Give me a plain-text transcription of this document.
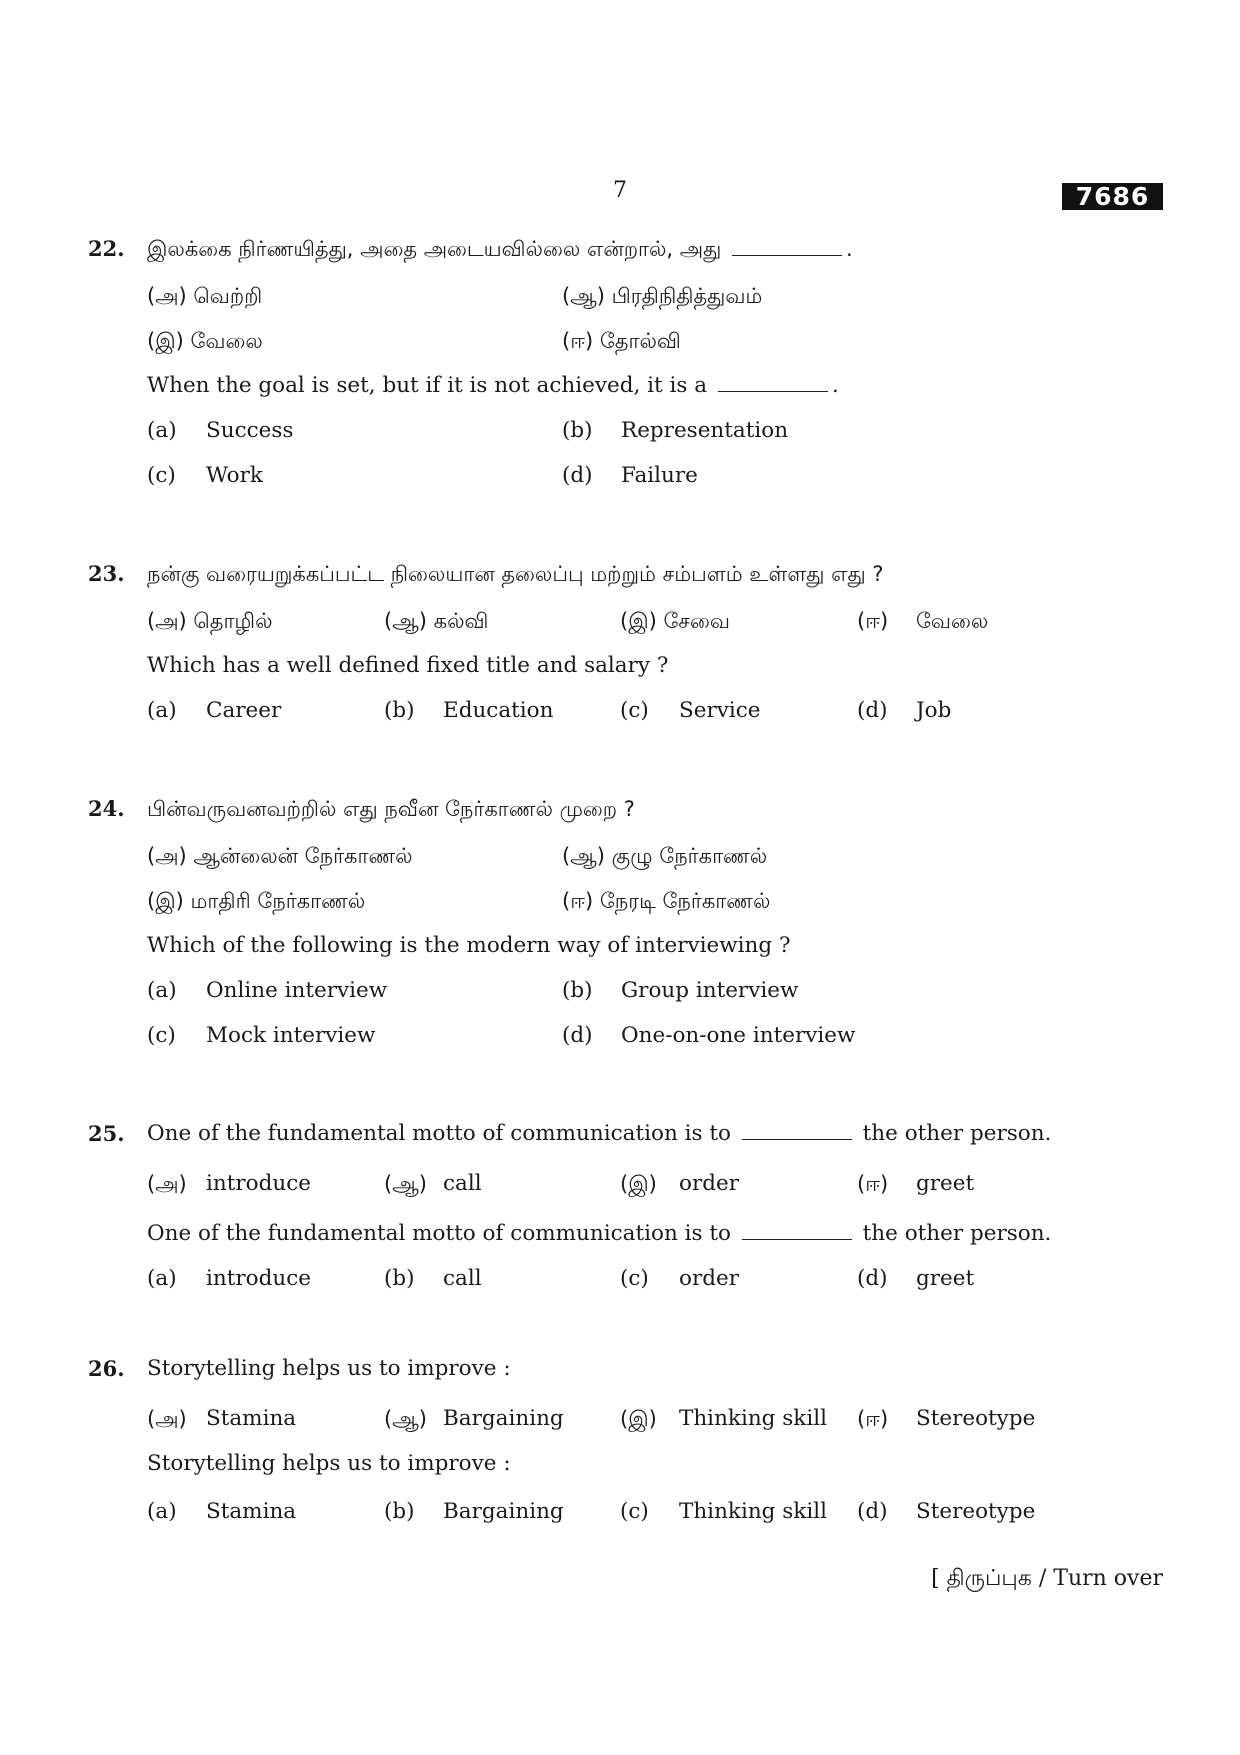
7	7686
22. இலக்கை நிர்ணயித்து, அதை அடையவில்லை என்றால், அது	.
(அ) வெற்றி	(ஆ) பிரதிநிதித்துவம்
(இ) வேலை	(ஈ) தோல்வி
When the goal is set, but if it is not achieved, it is a	.
(a) Success	(b) Representation
(c) Work	(d) Failure
23. நன்கு வரையறுக்கப்பட்ட நிலையான தலைப்பு மற்றும் சம்பளம் உள்ளது எது ?
(அ) தொழில்	(ஆ) கல்வி	(இ) சேவை	(ஈ) வேலை
Which has a well defined fixed title and salary ?
(a) Career	(b) Education	(c) Service	(d) Job
24. பின்வருவனவற்றில் எது நவீன நேர்காணல் முறை ?
(அ) ஆன்லைன் நேர்காணல்	(ஆ) குழு நேர்காணல்
(இ) மாதிரி நேர்காணல்	(ஈ) நேரடி நேர்காணல்
Which of the following is the modern way of interviewing ?
(a) Online interview	(b) Group interview
(c) Mock interview	(d) One-on-one interview
25. One of the fundamental motto of communication is to	the other person.
(அ) introduce	(ஆ) call	(இ) order	(ஈ) greet
One of the fundamental motto of communication is to	the other person.
(a) introduce	(b) call	(c) order	(d) greet
26. Storytelling helps us to improve :
(அ) Stamina	(ஆ) Bargaining	(இ) Thinking skill (ஈ) Stereotype
Storytelling helps us to improve :
(a) Stamina	(b) Bargaining	(c) Thinking skill (d) Stereotype
[ திருப்புக / Turn over
